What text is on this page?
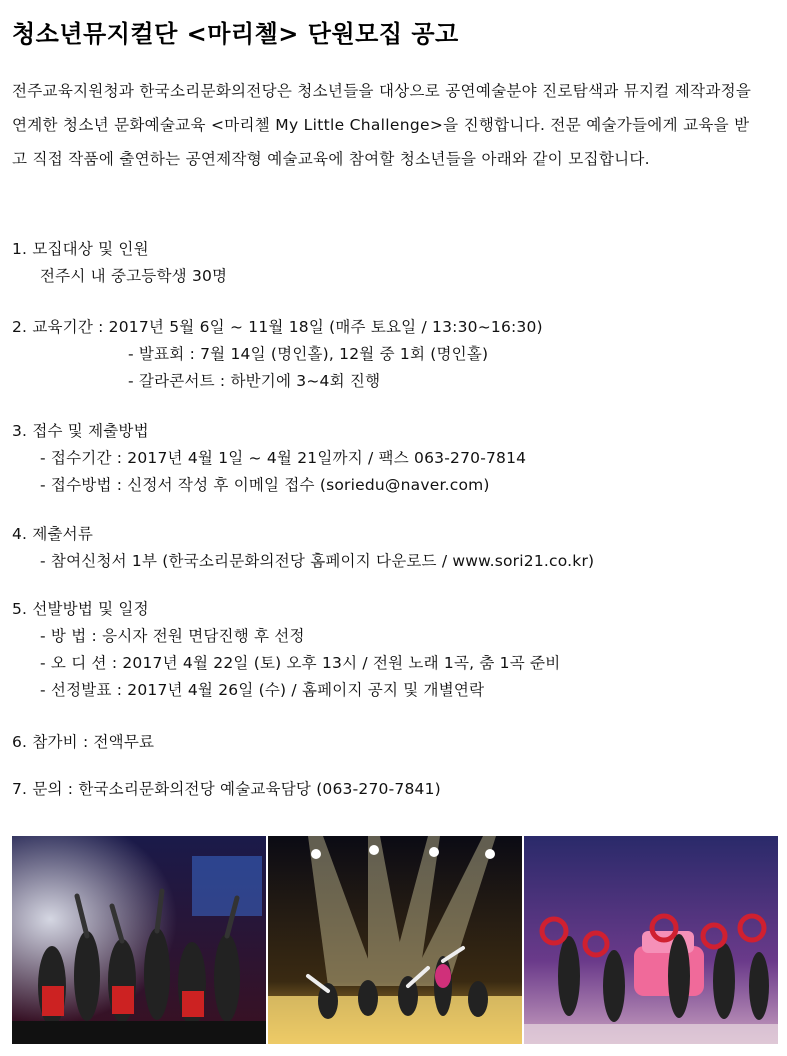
청소년뮤지컬단 <마리첼> 단원모집 공고

전주교육지원청과 한국소리문화의전당은 청소년들을 대상으로 공연예술분야 진로탐색과 뮤지컬 제작과정을 연계한 청소년 문화예술교육 <마리첼 My Little Challenge>을 진행합니다. 전문 예술가들에게 교육을 받고 직접 작품에 출연하는 공연제작형 예술교육에 참여할 청소년들을 아래와 같이 모집합니다.

1. 모집대상 및 인원
전주시 내 중고등학생 30명
2. 교육기간 : 2017년 5월 6일 ~ 11월 18일 (매주 토요일 / 13:30~16:30)
- 발표회 : 7월 14일 (명인홀), 12월 중 1회 (명인홀)
- 갈라콘서트 : 하반기에 3~4회 진행
3. 접수 및 제출방법
- 접수기간 : 2017년 4월 1일 ~ 4월 21일까지 / 팩스 063-270-7814
- 접수방법 : 신정서 작성 후 이메일 접수 (soriedu@naver.com)
4. 제출서류
- 참여신청서 1부 (한국소리문화의전당 홈페이지 다운로드 / www.sori21.co.kr)
5. 선발방법 및 일정
- 방 법 : 응시자 전원 면담진행 후 선정
- 오 디 션 : 2017년 4월 22일 (토) 오후 13시 / 전원 노래 1곡, 춤 1곡 준비
- 선정발표 : 2017년 4월 26일 (수) / 홈페이지 공지 및 개별연락
6. 참가비 : 전액무료
7. 문의 : 한국소리문화의전당 예술교육담당 (063-270-7841)
